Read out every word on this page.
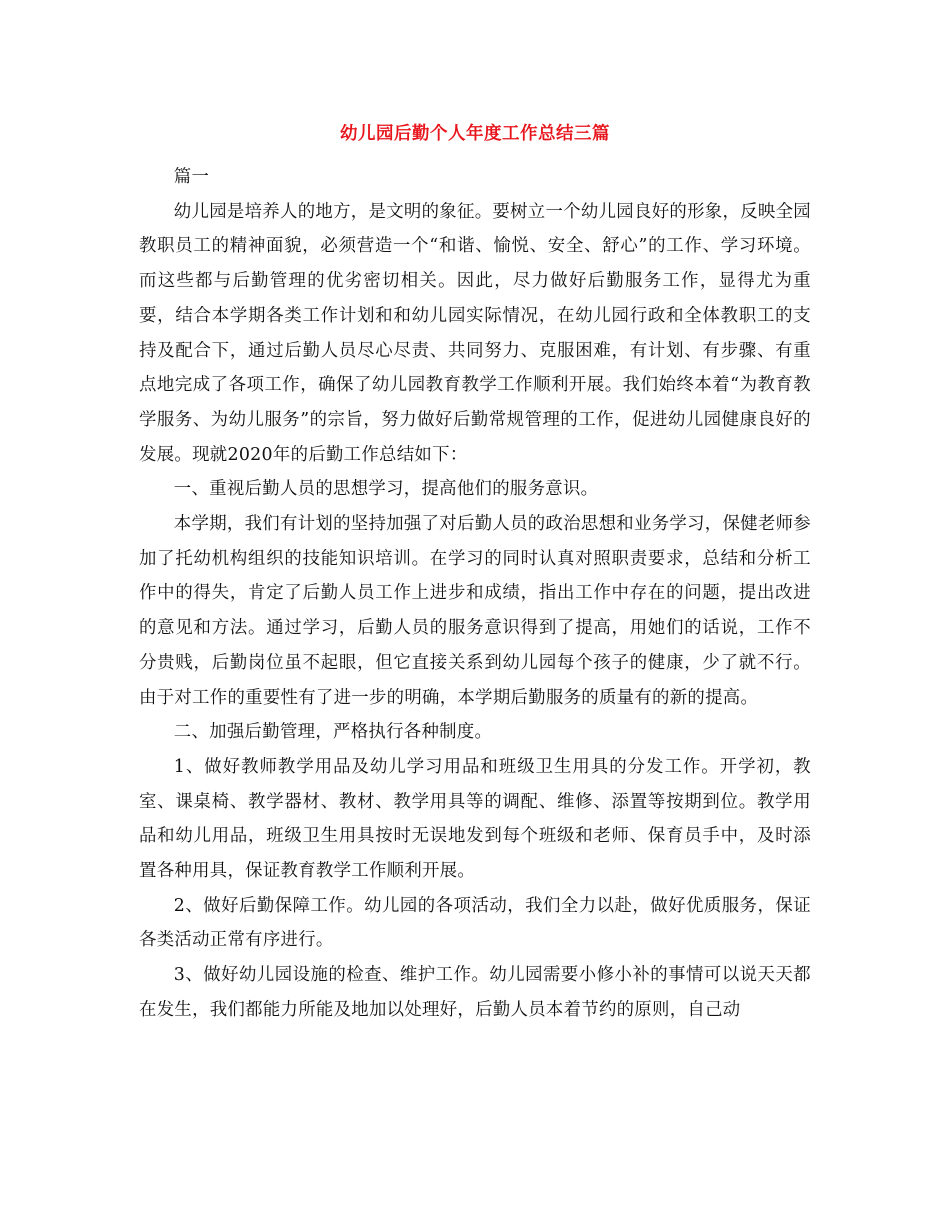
幼儿园后勤个人年度工作总结三篇

篇一

幼儿园是培养人的地方，是文明的象征。要树立一个幼儿园良好的形象，反映全园教职员工的精神面貌，必须营造一个“和谐、愉悦、安全、舒心”的工作、学习环境。而这些都与后勤管理的优劣密切相关。因此，尽力做好后勤服务工作，显得尤为重要，结合本学期各类工作计划和和幼儿园实际情况，在幼儿园行政和全体教职工的支持及配合下，通过后勤人员尽心尽责、共同努力、克服困难，有计划、有步骤、有重点地完成了各项工作，确保了幼儿园教育教学工作顺利开展。我们始终本着“为教育教学服务、为幼儿服务”的宗旨，努力做好后勤常规管理的工作，促进幼儿园健康良好的发展。现就2020年的后勤工作总结如下：

一、重视后勤人员的思想学习，提高他们的服务意识。

本学期，我们有计划的坚持加强了对后勤人员的政治思想和业务学习，保健老师参加了托幼机构组织的技能知识培训。在学习的同时认真对照职责要求，总结和分析工作中的得失，肯定了后勤人员工作上进步和成绩，指出工作中存在的问题，提出改进的意见和方法。通过学习，后勤人员的服务意识得到了提高，用她们的话说，工作不分贵贱，后勤岗位虽不起眼，但它直接关系到幼儿园每个孩子的健康，少了就不行。由于对工作的重要性有了进一步的明确，本学期后勤服务的质量有的新的提高。

二、加强后勤管理，严格执行各种制度。

1、做好教师教学用品及幼儿学习用品和班级卫生用具的分发工作。开学初，教室、课桌椅、教学器材、教材、教学用具等的调配、维修、添置等按期到位。教学用品和幼儿用品，班级卫生用具按时无误地发到每个班级和老师、保育员手中，及时添置各种用具，保证教育教学工作顺利开展。

2、做好后勤保障工作。幼儿园的各项活动，我们全力以赴，做好优质服务，保证各类活动正常有序进行。

3、做好幼儿园设施的检查、维护工作。幼儿园需要小修小补的事情可以说天天都在发生，我们都能力所能及地加以处理好，后勤人员本着节约的原则，自己动
